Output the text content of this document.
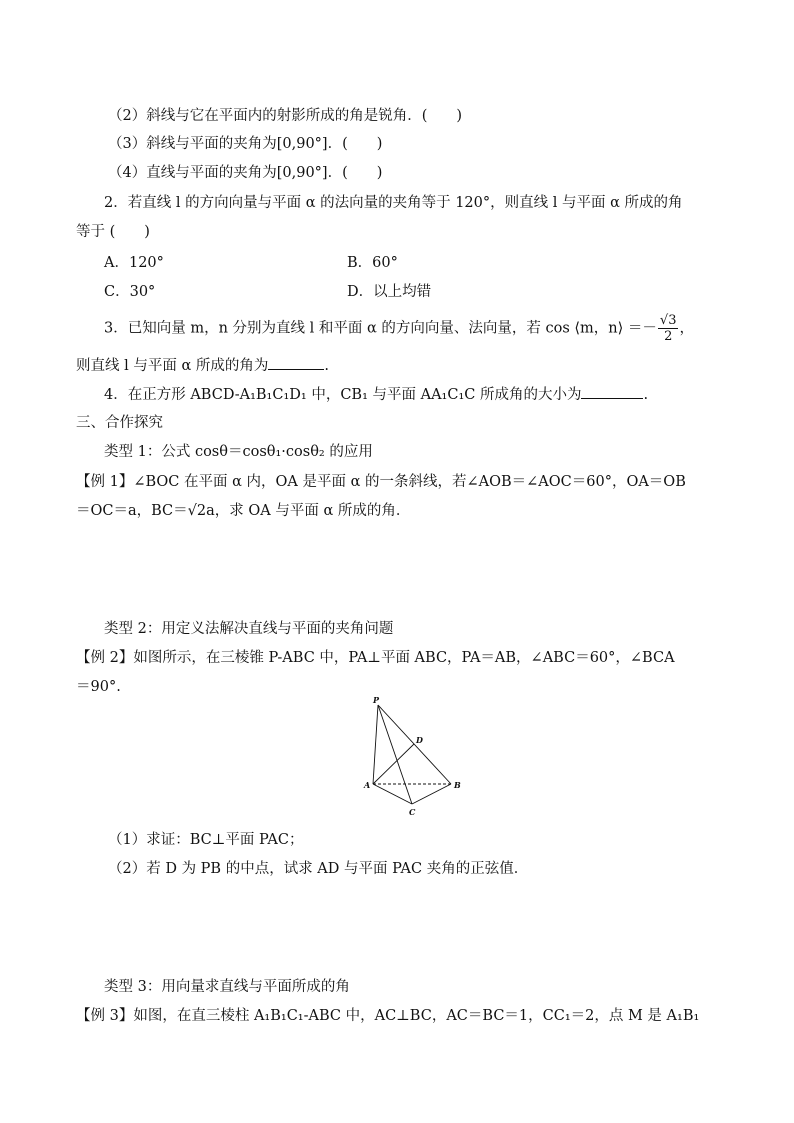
（2）斜线与它在平面内的射影所成的角是锐角．(　　)
（3）斜线与平面的夹角为[0,90°]．(　　)
（4）直线与平面的夹角为[0,90°]．(　　)
2．若直线 l 的方向向量与平面 α 的法向量的夹角等于 120°，则直线 l 与平面 α 所成的角
等于 (　　)
A．120°	B．60°
C．30°	D．以上均错
3．已知向量 m，n 分别为直线 l 和平面 α 的方向向量、法向量，若 cos ⟨m，n⟩ ＝－ $\frac{√3}{2}$ ，
则直线 l 与平面 α 所成的角为	.
4．在正方形 ABCD-A₁B₁C₁D₁ 中，CB₁ 与平面 AA₁C₁C 所成角的大小为	.
三、合作探究
类型 1：公式 cosθ＝cosθ₁·cosθ₂ 的应用
【例 1】∠BOC 在平面 α 内，OA 是平面 α 的一条斜线，若∠AOB＝∠AOC＝60°，OA＝OB
＝OC＝a，BC＝√2a，求 OA 与平面 α 所成的角．
类型 2：用定义法解决直线与平面的夹角问题
【例 2】如图所示，在三棱锥 P-ABC 中，PA⊥平面 ABC，PA＝AB，∠ABC＝60°，∠BCA
＝90°.
P
D
A	B
C
（1）求证：BC⊥平面 PAC；
（2）若 D 为 PB 的中点，试求 AD 与平面 PAC 夹角的正弦值．
类型 3：用向量求直线与平面所成的角
【例 3】如图，在直三棱柱 A₁B₁C₁-ABC 中，AC⊥BC，AC＝BC＝1，CC₁＝2，点 M 是 A₁B₁
